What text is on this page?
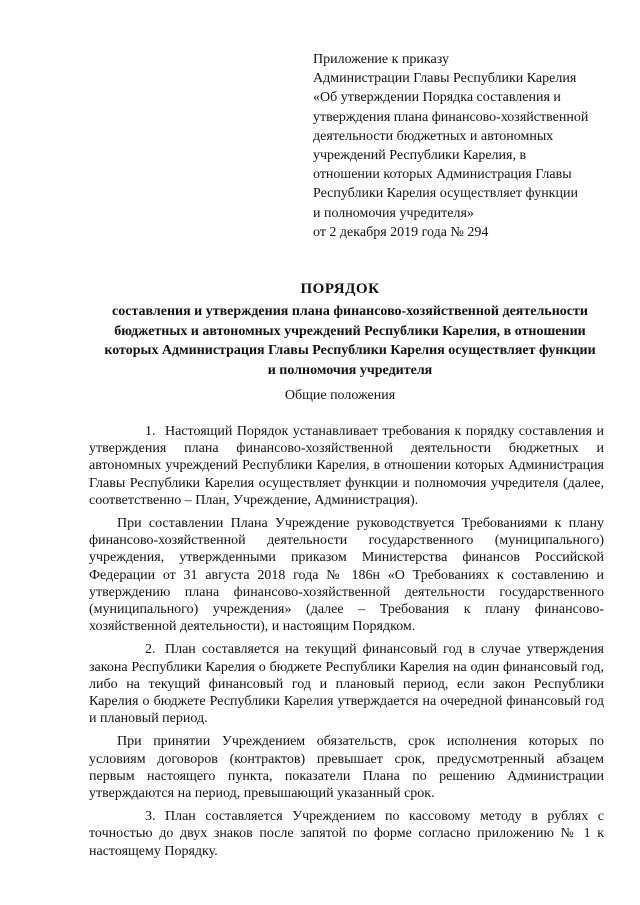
Приложение к приказу
Администрации Главы Республики Карелия
«Об утверждении Порядка составления и
утверждения плана финансово-хозяйственной
деятельности бюджетных и автономных
учреждений Республики Карелия, в
отношении которых Администрация Главы
Республики Карелия осуществляет функции
и полномочия учредителя»
от 2 декабря 2019 года № 294
ПОРЯДОК
составления и утверждения плана финансово-хозяйственной деятельности
бюджетных и автономных учреждений Республики Карелия, в отношении
которых Администрация Главы Республики Карелия осуществляет функции
и полномочия учредителя
Общие положения

1. Настоящий Порядок устанавливает требования к порядку составления и утверждения плана финансово-хозяйственной деятельности бюджетных и автономных учреждений Республики Карелия, в отношении которых Администрация Главы Республики Карелия осуществляет функции и полномочия учредителя (далее, соответственно – План, Учреждение, Администрация).

При составлении Плана Учреждение руководствуется Требованиями к плану финансово-хозяйственной деятельности государственного (муниципального) учреждения, утвержденными приказом Министерства финансов Российской Федерации от 31 августа 2018 года № 186н «О Требованиях к составлению и утверждению плана финансово-хозяйственной деятельности государственного (муниципального) учреждения» (далее – Требования к плану финансово-хозяйственной деятельности), и настоящим Порядком.

2. План составляется на текущий финансовый год в случае утверждения закона Республики Карелия о бюджете Республики Карелия на один финансовый год, либо на текущий финансовый год и плановый период, если закон Республики Карелия о бюджете Республики Карелия утверждается на очередной финансовый год и плановый период.

При принятии Учреждением обязательств, срок исполнения которых по условиям договоров (контрактов) превышает срок, предусмотренный абзацем первым настоящего пункта, показатели Плана по решению Администрации утверждаются на период, превышающий указанный срок.

3. План составляется Учреждением по кассовому методу в рублях с точностью до двух знаков после запятой по форме согласно приложению № 1 к настоящему Порядку.
